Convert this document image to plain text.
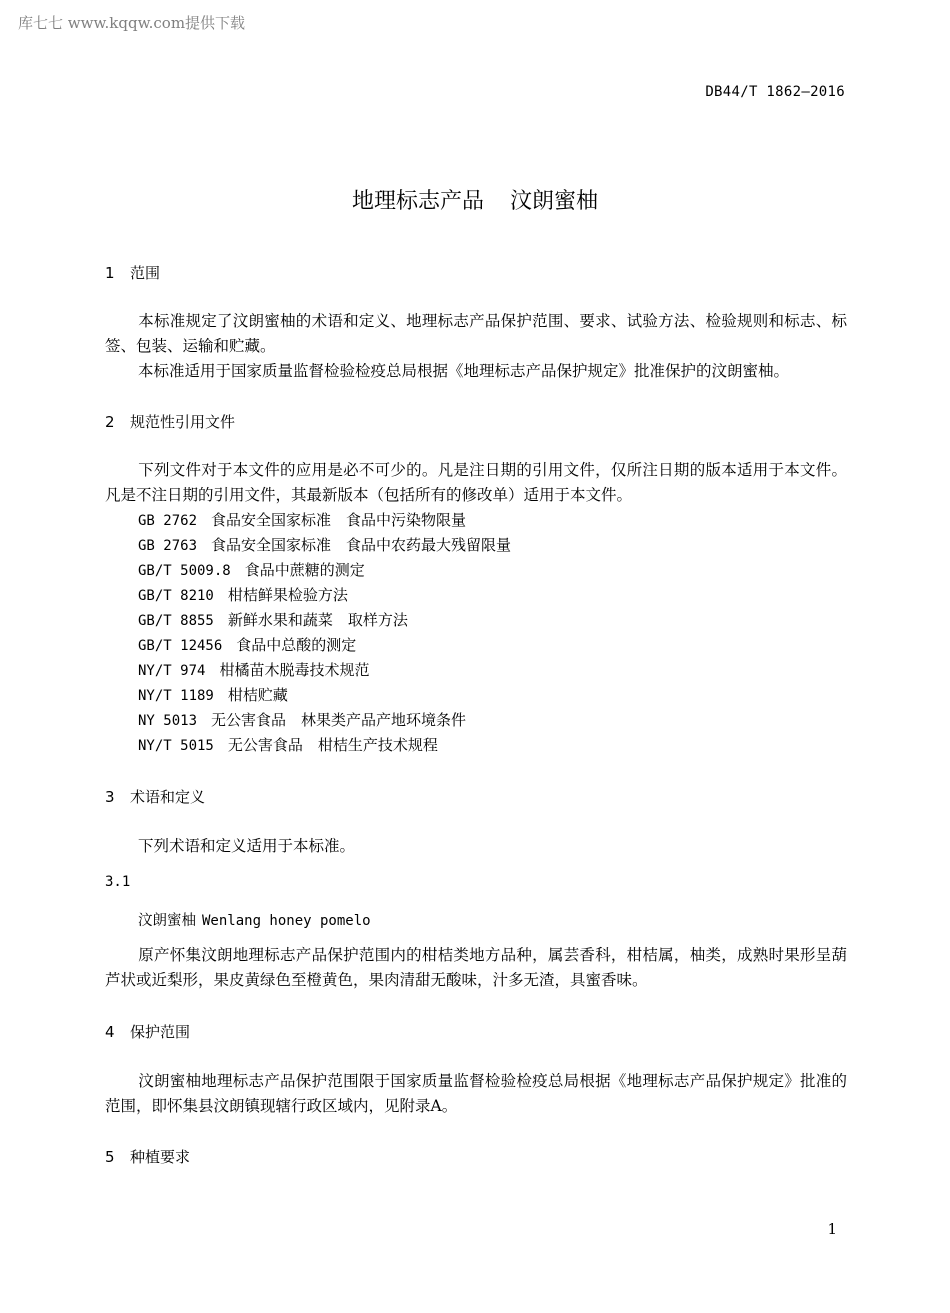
库七七 www.kqqw.com提供下载
DB44/T 1862—2016
地理标志产品 汶朗蜜柚
1 范围
本标准规定了汶朗蜜柚的术语和定义、地理标志产品保护范围、要求、试验方法、检验规则和标志、标签、包装、运输和贮藏。
本标准适用于国家质量监督检验检疫总局根据《地理标志产品保护规定》批准保护的汶朗蜜柚。
2 规范性引用文件
下列文件对于本文件的应用是必不可少的。凡是注日期的引用文件，仅所注日期的版本适用于本文件。凡是不注日期的引用文件，其最新版本（包括所有的修改单）适用于本文件。
GB 2762 食品安全国家标准　食品中污染物限量
GB 2763 食品安全国家标准　食品中农药最大残留限量
GB/T 5009.8 食品中蔗糖的测定
GB/T 8210 柑桔鲜果检验方法
GB/T 8855 新鲜水果和蔬菜　取样方法
GB/T 12456 食品中总酸的测定
NY/T 974 柑橘苗木脱毒技术规范
NY/T 1189 柑桔贮藏
NY 5013 无公害食品　林果类产品产地环境条件
NY/T 5015 无公害食品　柑桔生产技术规程
3 术语和定义
下列术语和定义适用于本标准。
3.1
汶朗蜜柚 Wenlang honey pomelo
原产怀集汶朗地理标志产品保护范围内的柑桔类地方品种，属芸香科，柑桔属，柚类，成熟时果形呈葫芦状或近梨形，果皮黄绿色至橙黄色，果肉清甜无酸味，汁多无渣，具蜜香味。
4 保护范围
汶朗蜜柚地理标志产品保护范围限于国家质量监督检验检疫总局根据《地理标志产品保护规定》批准的范围，即怀集县汶朗镇现辖行政区域内，见附录A。
5 种植要求
1
